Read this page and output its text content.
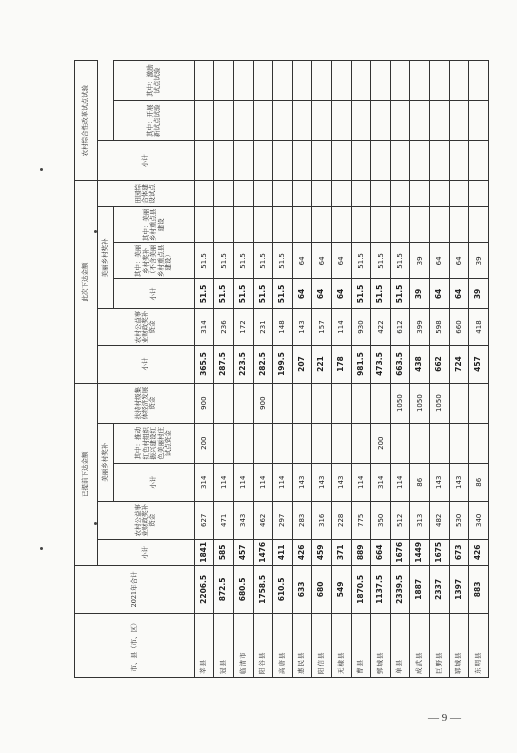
市、县（市、区）	2021年合计	已提前下达金额					此次下达金额						农村综合性改革试点试验		
		小计	农村公益事业财政奖补资金	美丽乡村奖补		扶持村级集体经济发展资金	小计	农村公益事业财政奖补资金	美丽乡村奖补			田园综合体建设试点	小计		
				小计	其中：推动红色村组织振兴建设红色美丽村庄试点资金				小计	其中：美丽乡村奖补（不含美丽乡村重点县建设）	其中：美丽乡村重点县建设			其中：开展新试点试验	其中：激励试点试验

莘县	2206.5	1841	627	314	200	900	365.5	314	51.5	51.5					
冠县	872.5	585	471	114			287.5	236	51.5	51.5					
临清市	680.5	457	343	114			223.5	172	51.5	51.5					
阳谷县	1758.5	1476	462	114		900	282.5	231	51.5	51.5					
高唐县	610.5	411	297	114			199.5	148	51.5	51.5					
惠民县	633	426	283	143			207	143	64	64					
阳信县	680	459	316	143			221	157	64	64					
无棣县	549	371	228	143			178	114	64	64					
曹县	1870.5	889	775	114			981.5	930	51.5	51.5					
鄄城县	1137.5	664	350	314	200		473.5	422	51.5	51.5					
单县	2339.5	1676	512	114		1050	663.5	612	51.5	51.5					
成武县	1887	1449	313	86		1050	438	399	39	39					
巨野县	2337	1675	482	143		1050	662	598	64	64					
郓城县	1397	673	530	143			724	660	64	64					
东明县	883	426	340	86			457	418	39	39					
— 9 —
